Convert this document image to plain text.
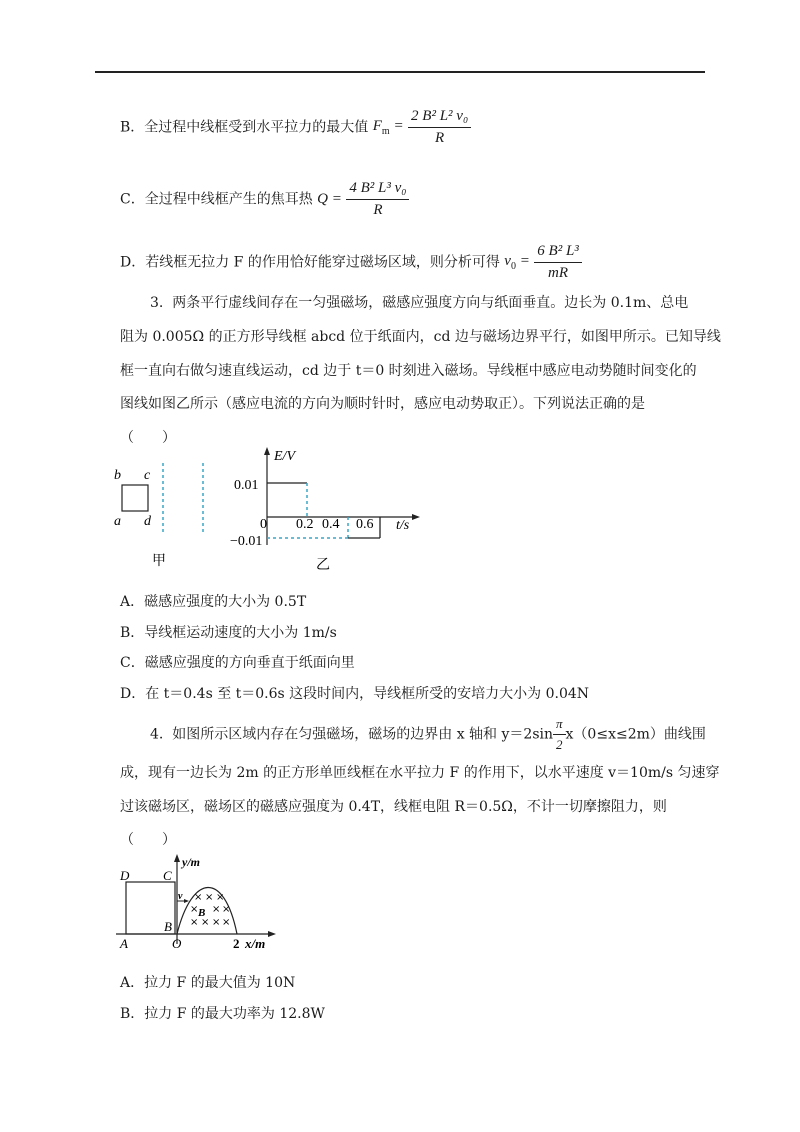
B．全过程中线框受到水平拉力的最大值 $F_m = \frac{\text{2 B² L² v₀}}{R}$
C．全过程中线框产生的焦耳热 $Q = \frac{\text{4 B² L³ v₀}}{R}$
D．若线框无拉力 F 的作用恰好能穿过磁场区域，则分析可得 $v_0 = \frac{\text{6 B² L³}}{mR}$
3. 两条平行虚线间存在一匀强磁场，磁感应强度方向与纸面垂直。边长为 0.1m、总电
阻为 0.005Ω 的正方形导线框 abcd 位于纸面内，cd 边与磁场边界平行，如图甲所示。已知导线
框一直向右做匀速直线运动，cd 边于 t＝0 时刻进入磁场。导线框中感应电动势随时间变化的
图线如图乙所示（感应电流的方向为顺时针时，感应电动势取正）。下列说法正确的是
（　　）
b c
a d
甲
E/V
0.01
−0.01
0 0.2 0.4 0.6 t/s
乙
A．磁感应强度的大小为 0.5T
B．导线框运动速度的大小为 1m/s
C．磁感应强度的方向垂直于纸面向里
D．在 t＝0.4s 至 t＝0.6s 这段时间内，导线框所受的安培力大小为 0.04N
4. 如图所示区域内存在匀强磁场，磁场的边界由 x 轴和 $y=2\sin \frac{\pi}{2} x(0\le x\le 2m)$曲线围
成，现有一边长为 2m 的正方形单匝线框在水平拉力 F 的作用下，以水平速度 v＝10m/s 匀速穿
过该磁场区，磁场区的磁感应强度为 0.4T，线框电阻 R＝0.5Ω，不计一切摩擦阻力，则
（　　）
y/m
D	C
A
B
O
v × × ×
× × ×
B
× × × ×
2 x/m
A．拉力 F 的最大值为 10N
B．拉力 F 的最大功率为 12.8W
